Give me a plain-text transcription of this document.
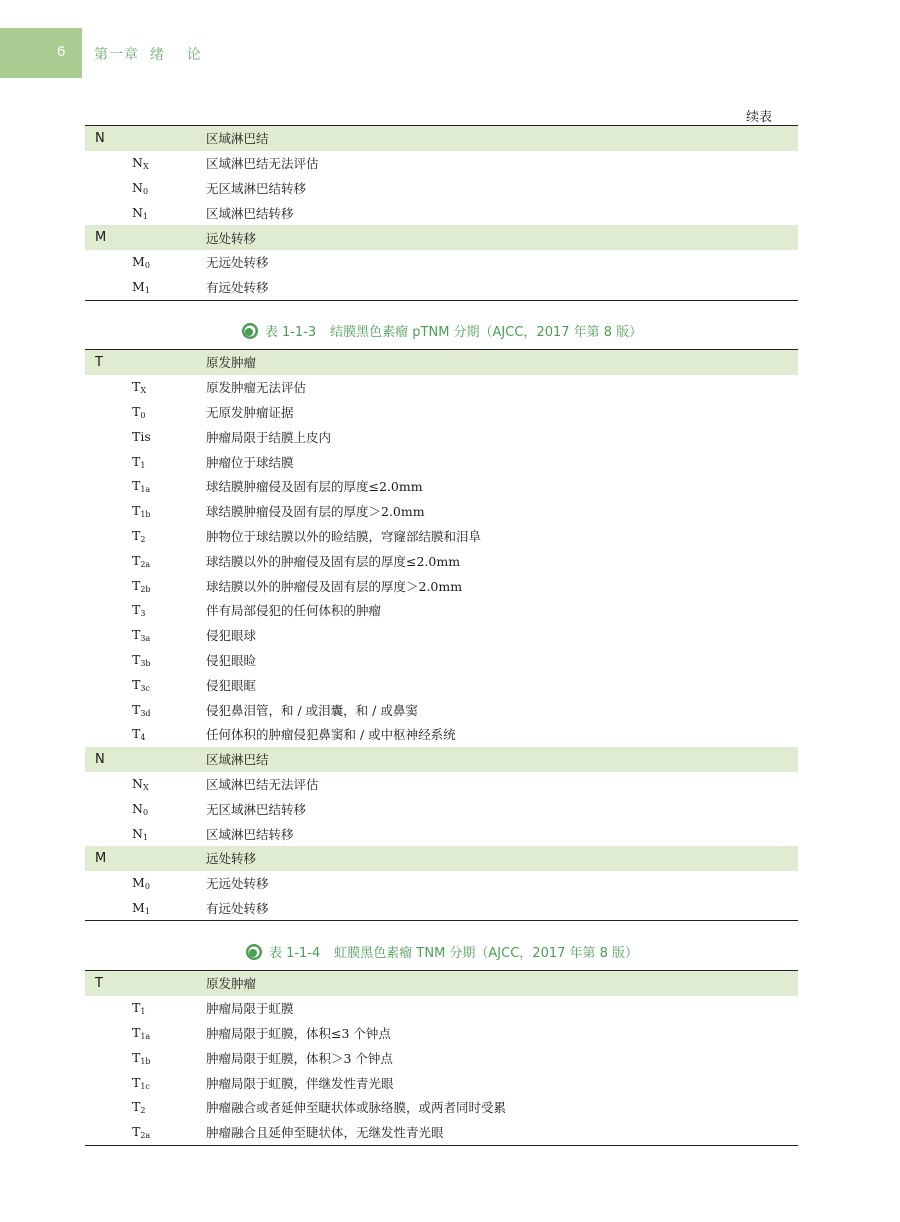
6 第一章  绪    论
续表
N	区域淋巴结
$N_X$	区域淋巴结无法评估
$N_0$	无区域淋巴结转移
$N_1$	区域淋巴结转移
M	远处转移
$M_0$	无远处转移
$M_1$	有远处转移
表 1-1-3 结膜黑色素瘤 pTNM 分期（AJCC，2017 年第 8 版）
T	原发肿瘤
$T_X$	原发肿瘤无法评估
$T_0$	无原发肿瘤证据
Tis	肿瘤局限于结膜上皮内
$T_1$	肿瘤位于球结膜
$T_{1a}$	球结膜肿瘤侵及固有层的厚度≤2.0mm
$T_{1b}$	球结膜肿瘤侵及固有层的厚度＞2.0mm
$T_2$	肿物位于球结膜以外的睑结膜，穹窿部结膜和泪阜
$T_{2a}$	球结膜以外的肿瘤侵及固有层的厚度≤2.0mm
$T_{2b}$	球结膜以外的肿瘤侵及固有层的厚度＞2.0mm
$T_3$	伴有局部侵犯的任何体积的肿瘤
$T_{3a}$	侵犯眼球
$T_{3b}$	侵犯眼睑
$T_{3c}$	侵犯眼眶
$T_{3d}$	侵犯鼻泪管，和 / 或泪囊，和 / 或鼻窦
$T_4$	任何体积的肿瘤侵犯鼻窦和 / 或中枢神经系统
N	区域淋巴结
$N_X$	区域淋巴结无法评估
$N_0$	无区域淋巴结转移
$N_1$	区域淋巴结转移
M	远处转移
$M_0$	无远处转移
$M_1$	有远处转移
表 1-1-4 虹膜黑色素瘤 TNM 分期（AJCC，2017 年第 8 版）
T	原发肿瘤
$T_1$	肿瘤局限于虹膜
$T_{1a}$	肿瘤局限于虹膜，体积≤3 个钟点
$T_{1b}$	肿瘤局限于虹膜，体积＞3 个钟点
$T_{1c}$	肿瘤局限于虹膜，伴继发性青光眼
$T_2$	肿瘤融合或者延伸至睫状体或脉络膜，或两者同时受累
$T_{2a}$	肿瘤融合且延伸至睫状体，无继发性青光眼
